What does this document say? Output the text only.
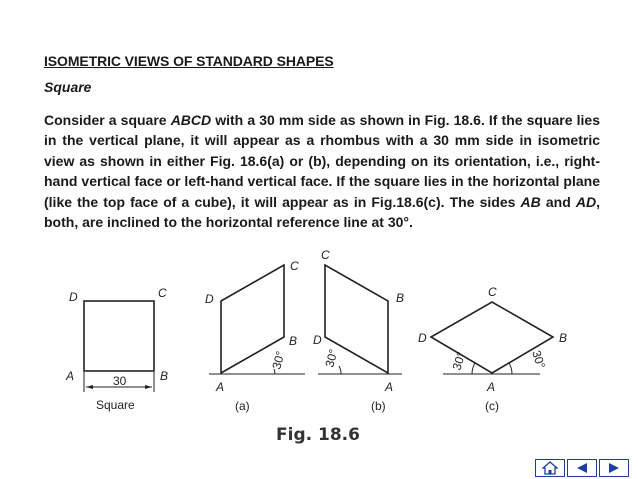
ISOMETRIC VIEWS OF STANDARD SHAPES
Square

Consider a square ABCD with a 30 mm side as shown in Fig. 18.6. If the square lies in the vertical plane, it will appear as a rhombus with a 30 mm side in isometric view as shown in either Fig. 18.6(a) or (b), depending on its orientation, i.e., right-hand vertical face or left-hand vertical face. If the square lies in the horizontal plane (like the top face of a cube), it will appear as in Fig.18.6(c). The sides AB and AD, both, are inclined to the horizontal reference line at 30°.

D	C
A	B
30
Square
D
C
A
B
30°
(a)
C
B
D
A
30°
(b)
C
D	B
A
30°	30°
(c)
Fig. 18.6
